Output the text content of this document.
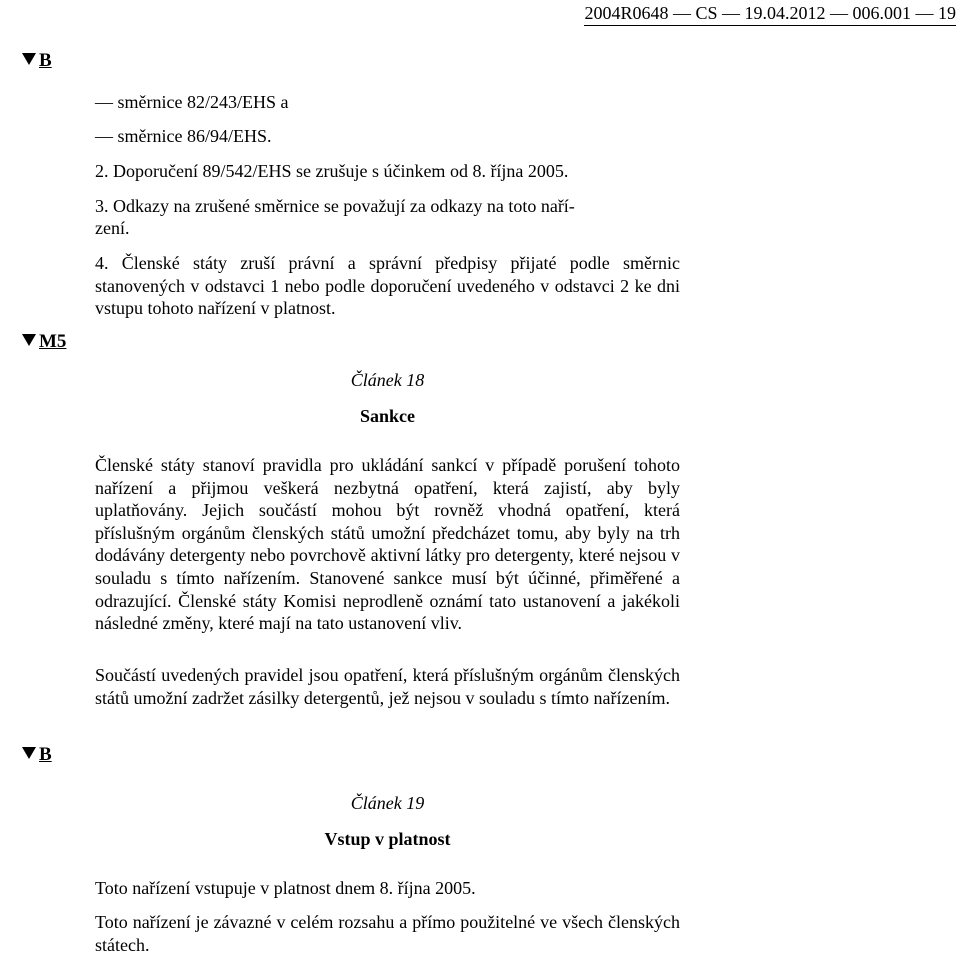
2004R0648 — CS — 19.04.2012 — 006.001 — 19
B
— směrnice 82/243/EHS a
— směrnice 86/94/EHS.
2. Doporučení 89/542/EHS se zrušuje s účinkem od 8. října 2005.
3. Odkazy na zrušené směrnice se považují za odkazy na toto naří-
zení.
4. Členské státy zruší právní a správní předpisy přijaté podle směrnic stanovených v odstavci 1 nebo podle doporučení uvedeného v odstavci 2 ke dni vstupu tohoto nařízení v platnost.
M5
Článek 18
Sankce
Členské státy stanoví pravidla pro ukládání sankcí v případě porušení tohoto nařízení a přijmou veškerá nezbytná opatření, která zajistí, aby byly uplatňovány. Jejich součástí mohou být rovněž vhodná opatření, která příslušným orgánům členských států umožní předcházet tomu, aby byly na trh dodávány detergenty nebo povrchově aktivní látky pro detergenty, které nejsou v souladu s tímto nařízením. Stanovené sankce musí být účinné, přiměřené a odrazující. Členské státy Komisi neprodleně oznámí tato ustanovení a jakékoli následné změny, které mají na tato ustanovení vliv.
Součástí uvedených pravidel jsou opatření, která příslušným orgánům členských států umožní zadržet zásilky detergentů, jež nejsou v souladu s tímto nařízením.
B
Článek 19
Vstup v platnost
Toto nařízení vstupuje v platnost dnem 8. října 2005.
Toto nařízení je závazné v celém rozsahu a přímo použitelné ve všech členských státech.
